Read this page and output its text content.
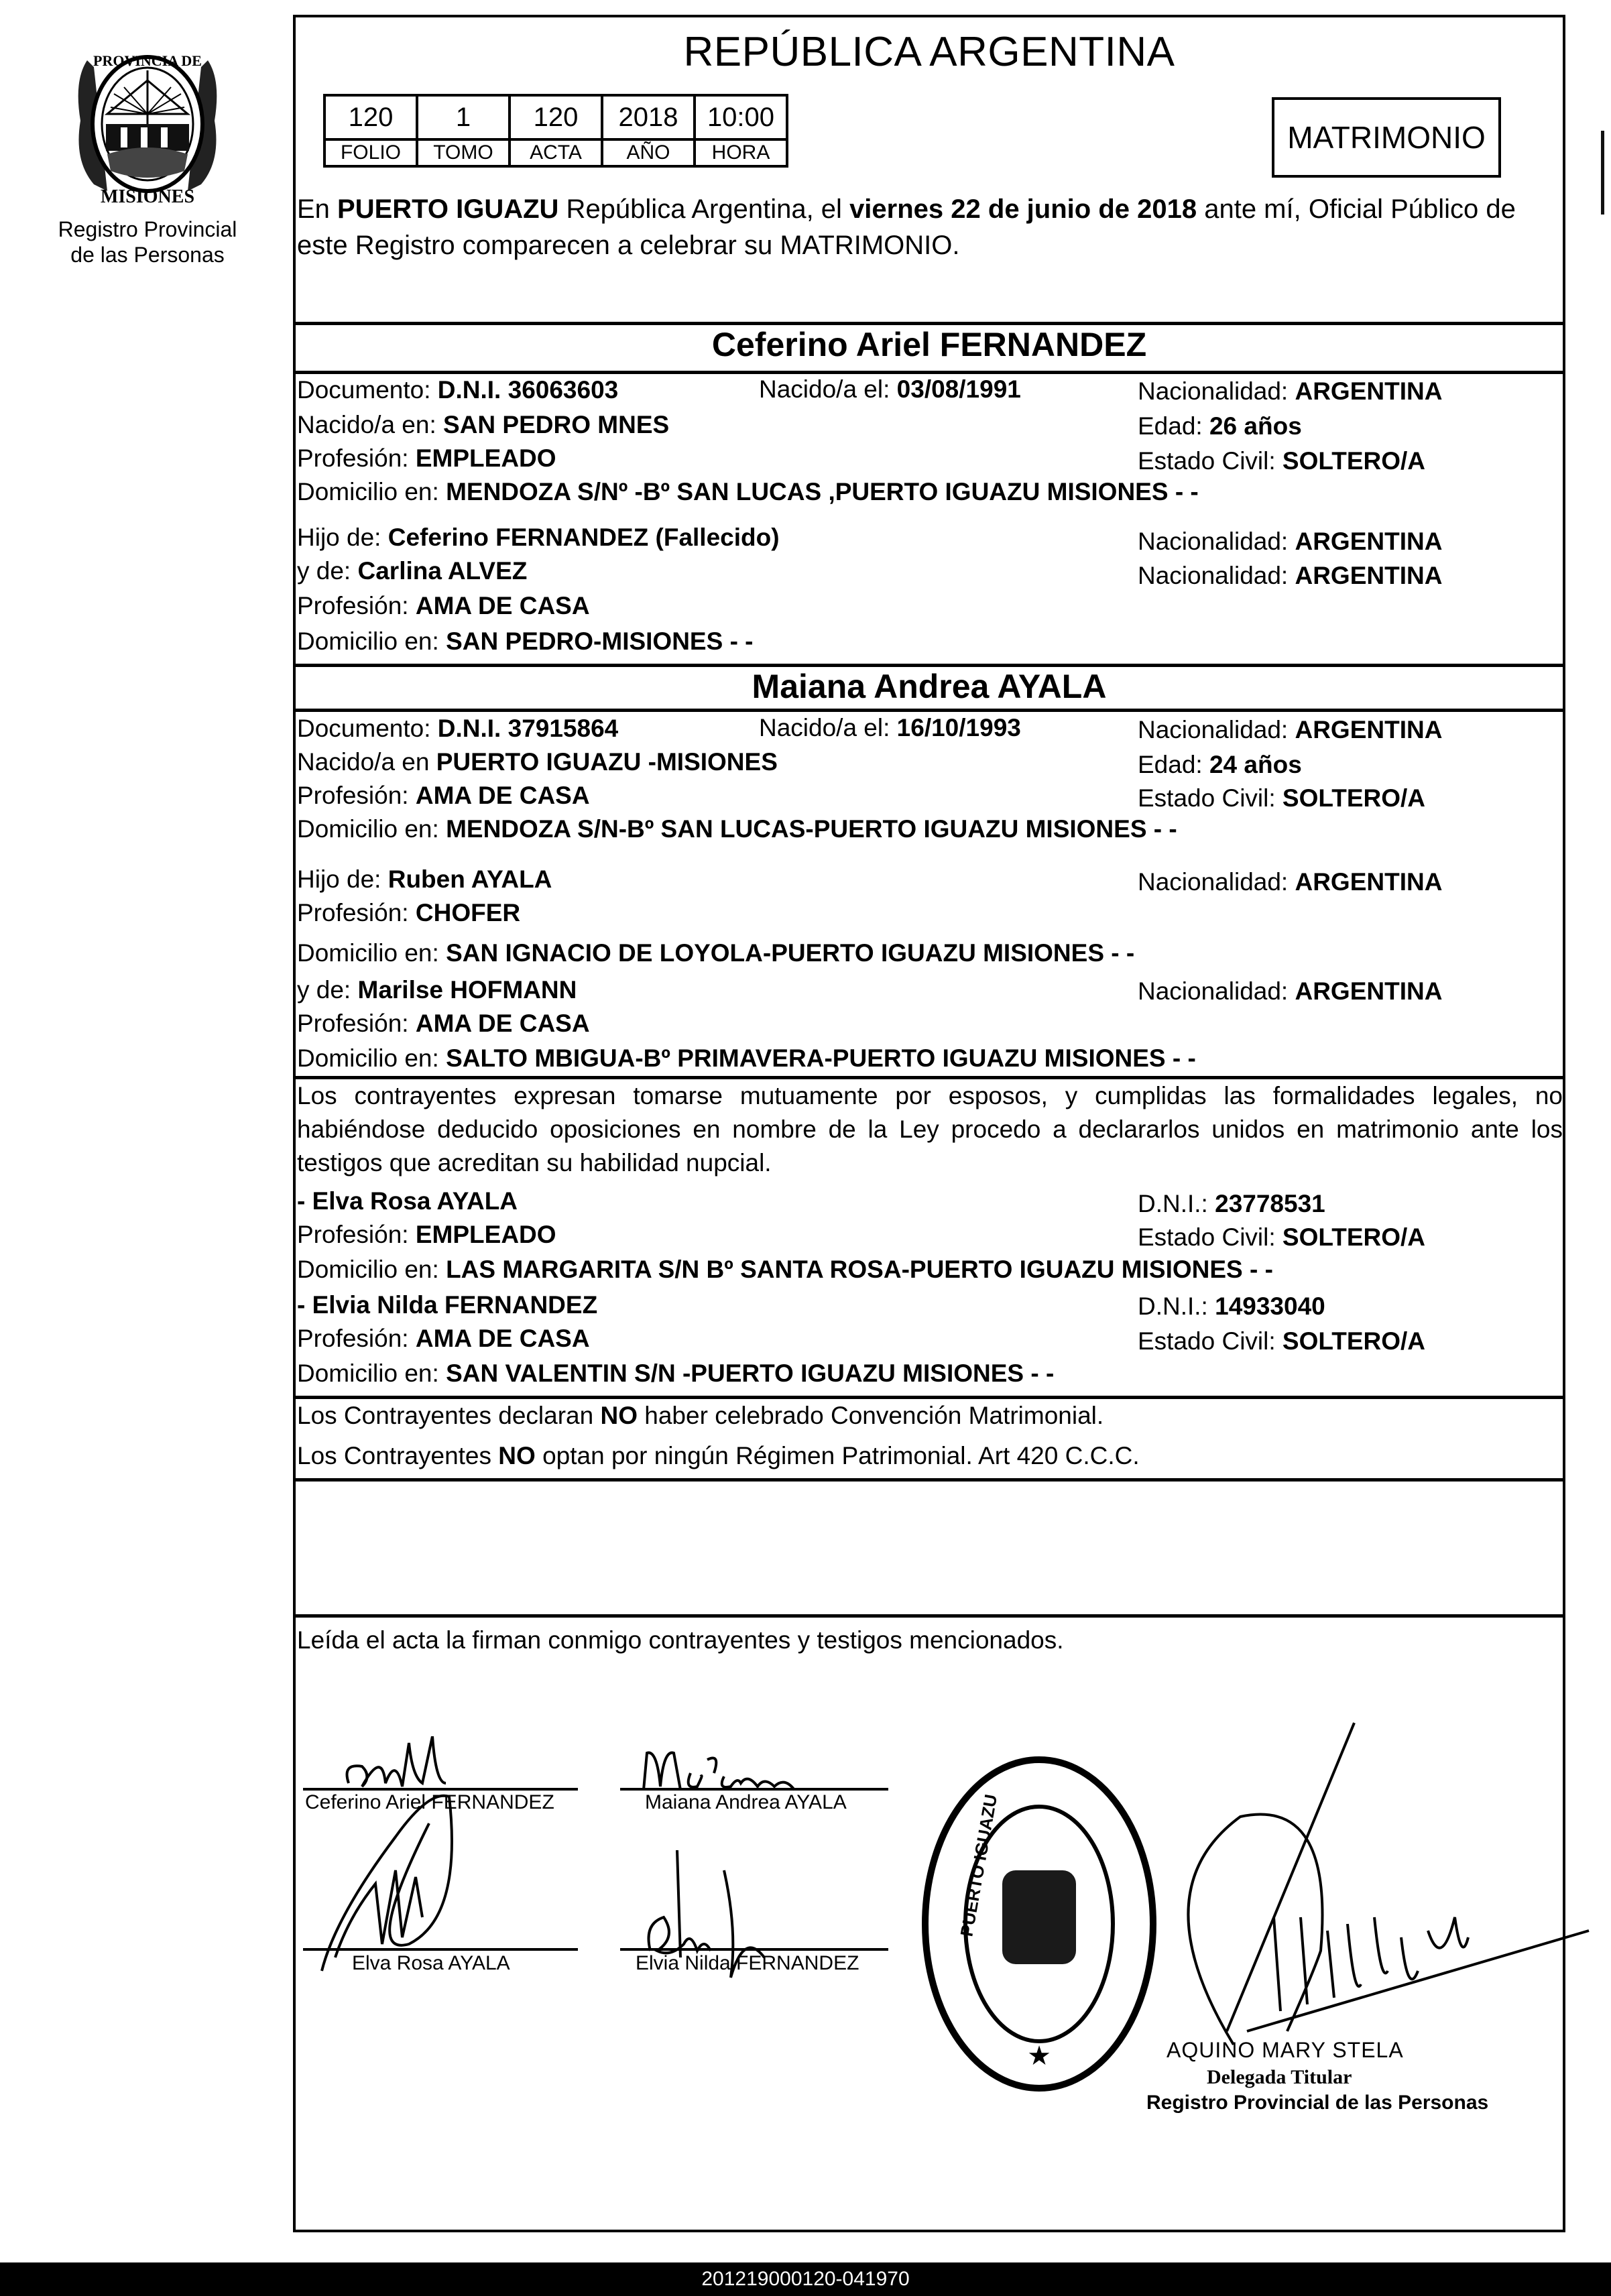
PROVINCIA DE
MISIONES
Registro Provincial
de las Personas
REPÚBLICA ARGENTINA
120	1	120	2018	10:00
FOLIO	TOMO	ACTA	AÑO	HORA	MATRIMONIO
En PUERTO IGUAZU República Argentina, el viernes 22 de junio de 2018 ante mí, Oficial Público de este Registro comparecen a celebrar su MATRIMONIO.
Ceferino Ariel FERNANDEZ
Documento: D.N.I. 36063603	Nacido/a el: 03/08/1991	Nacionalidad: ARGENTINA
Nacido/a en: SAN PEDRO MNES	Edad: 26 años
Profesión: EMPLEADO	Estado Civil: SOLTERO/A
Domicilio en: MENDOZA S/Nº -Bº SAN LUCAS ,PUERTO IGUAZU MISIONES - -
Hijo de: Ceferino FERNANDEZ (Fallecido)	Nacionalidad: ARGENTINA
y de: Carlina ALVEZ	Nacionalidad: ARGENTINA
Profesión: AMA DE CASA
Domicilio en: SAN PEDRO-MISIONES - -
Maiana Andrea AYALA
Documento: D.N.I. 37915864	Nacido/a el: 16/10/1993	Nacionalidad: ARGENTINA
Nacido/a en PUERTO IGUAZU -MISIONES	Edad: 24 años
Profesión: AMA DE CASA	Estado Civil: SOLTERO/A
Domicilio en: MENDOZA S/N-Bº SAN LUCAS-PUERTO IGUAZU MISIONES - -
Hijo de: Ruben AYALA	Nacionalidad: ARGENTINA
Profesión: CHOFER
Domicilio en: SAN IGNACIO DE LOYOLA-PUERTO IGUAZU MISIONES - -
y de: Marilse HOFMANN	Nacionalidad: ARGENTINA
Profesión: AMA DE CASA
Domicilio en: SALTO MBIGUA-Bº PRIMAVERA-PUERTO IGUAZU MISIONES - -
Los contrayentes expresan tomarse mutuamente por esposos, y cumplidas las formalidades legales, no habiéndose deducido oposiciones en nombre de la Ley procedo a declararlos unidos en matrimonio ante los testigos que acreditan su habilidad nupcial.
- Elva Rosa AYALA	D.N.I.: 23778531
Profesión: EMPLEADO	Estado Civil: SOLTERO/A
Domicilio en: LAS MARGARITA S/N Bº SANTA ROSA-PUERTO IGUAZU MISIONES - -
- Elvia Nilda FERNANDEZ	D.N.I.: 14933040
Profesión: AMA DE CASA	Estado Civil: SOLTERO/A
Domicilio en: SAN VALENTIN S/N -PUERTO IGUAZU MISIONES - -
Los Contrayentes declaran NO haber celebrado Convención Matrimonial.
Los Contrayentes NO optan por ningún Régimen Patrimonial. Art 420 C.C.C.
Leída el acta la firman conmigo contrayentes y testigos mencionados.
Ceferino Ariel FERNANDEZ	Maiana Andrea AYALA
Elva Rosa AYALA	Elvia Nilda FERNANDEZ
PUERTO IGUAZU
★	AQUINO MARY STELA
Delegada Titular
Registro Provincial de las Personas
201219000120-041970
